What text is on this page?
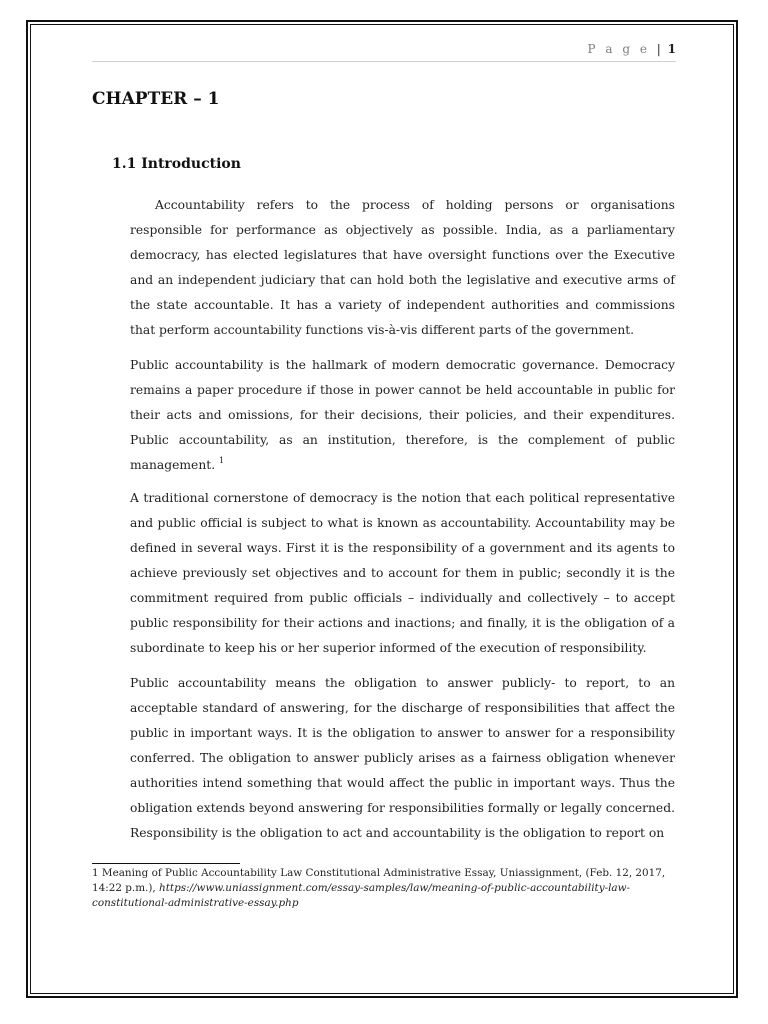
P a g e | 1
CHAPTER – 1
1.1 Introduction

Accountability refers to the process of holding persons or organisations responsible for performance as objectively as possible. India, as a parliamentary democracy, has elected legislatures that have oversight functions over the Executive and an independent judiciary that can hold both the legislative and executive arms of the state accountable. It has a variety of independent authorities and commissions that perform accountability functions vis-à-vis different parts of the government.

Public accountability is the hallmark of modern democratic governance. Democracy remains a paper procedure if those in power cannot be held accountable in public for their acts and omissions, for their decisions, their policies, and their expenditures. Public accountability, as an institution, therefore, is the complement of public management. $^1$

A traditional cornerstone of democracy is the notion that each political representative and public official is subject to what is known as accountability. Accountability may be defined in several ways. First it is the responsibility of a government and its agents to achieve previously set objectives and to account for them in public; secondly it is the commitment required from public officials – individually and collectively – to accept public responsibility for their actions and inactions; and finally, it is the obligation of a subordinate to keep his or her superior informed of the execution of responsibility.

Public accountability means the obligation to answer publicly- to report, to an acceptable standard of answering, for the discharge of responsibilities that affect the public in important ways. It is the obligation to answer to answer for a responsibility conferred. The obligation to answer publicly arises as a fairness obligation whenever authorities intend something that would affect the public in important ways. Thus the obligation extends beyond answering for responsibilities formally or legally concerned. Responsibility is the obligation to act and accountability is the obligation to report on

1 Meaning of Public Accountability Law Constitutional Administrative Essay, Uniassignment, (Feb. 12, 2017, 14:22 p.m.), https://www.uniassignment.com/essay-samples/law/meaning-of-public-accountability-law-constitutional-administrative-essay.php
